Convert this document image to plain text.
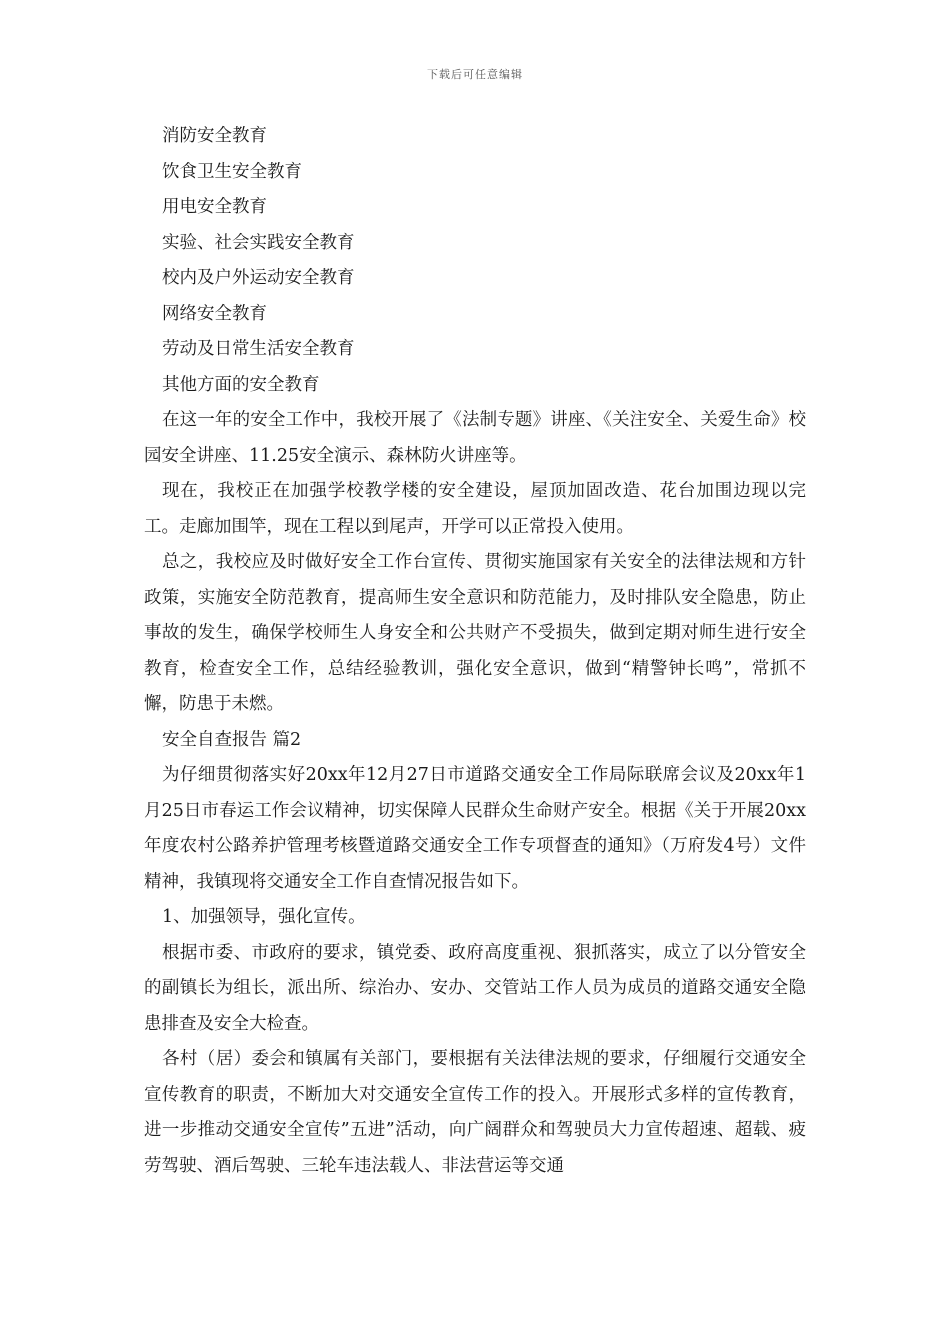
下载后可任意编辑

消防安全教育

饮食卫生安全教育

用电安全教育

实验、社会实践安全教育

校内及户外运动安全教育

网络安全教育

劳动及日常生活安全教育

其他方面的安全教育

在这一年的安全工作中，我校开展了《法制专题》讲座、《关注安全、关爱生命》校园安全讲座、11.25安全演示、森林防火讲座等。

现在，我校正在加强学校教学楼的安全建设，屋顶加固改造、花台加围边现以完工。走廊加围竿，现在工程以到尾声，开学可以正常投入使用。

总之，我校应及时做好安全工作台宣传、贯彻实施国家有关安全的法律法规和方针政策，实施安全防范教育，提高师生安全意识和防范能力，及时排队安全隐患，防止事故的发生，确保学校师生人身安全和公共财产不受损失，做到定期对师生进行安全教育，检查安全工作，总结经验教训，强化安全意识，做到“精警钟长鸣”，常抓不懈，防患于未燃。

安全自查报告 篇2

为仔细贯彻落实好20xx年12月27日市道路交通安全工作局际联席会议及20xx年1月25日市春运工作会议精神，切实保障人民群众生命财产安全。根据《关于开展20xx年度农村公路养护管理考核暨道路交通安全工作专项督查的通知》（万府发4号）文件精神，我镇现将交通安全工作自查情况报告如下。

1、加强领导，强化宣传。

根据市委、市政府的要求，镇党委、政府高度重视、狠抓落实，成立了以分管安全的副镇长为组长，派出所、综治办、安办、交管站工作人员为成员的道路交通安全隐患排查及安全大检查。

各村（居）委会和镇属有关部门，要根据有关法律法规的要求，仔细履行交通安全宣传教育的职责，不断加大对交通安全宣传工作的投入。开展形式多样的宣传教育，进一步推动交通安全宣传”五进”活动，向广阔群众和驾驶员大力宣传超速、超载、疲劳驾驶、酒后驾驶、三轮车违法载人、非法营运等交通
